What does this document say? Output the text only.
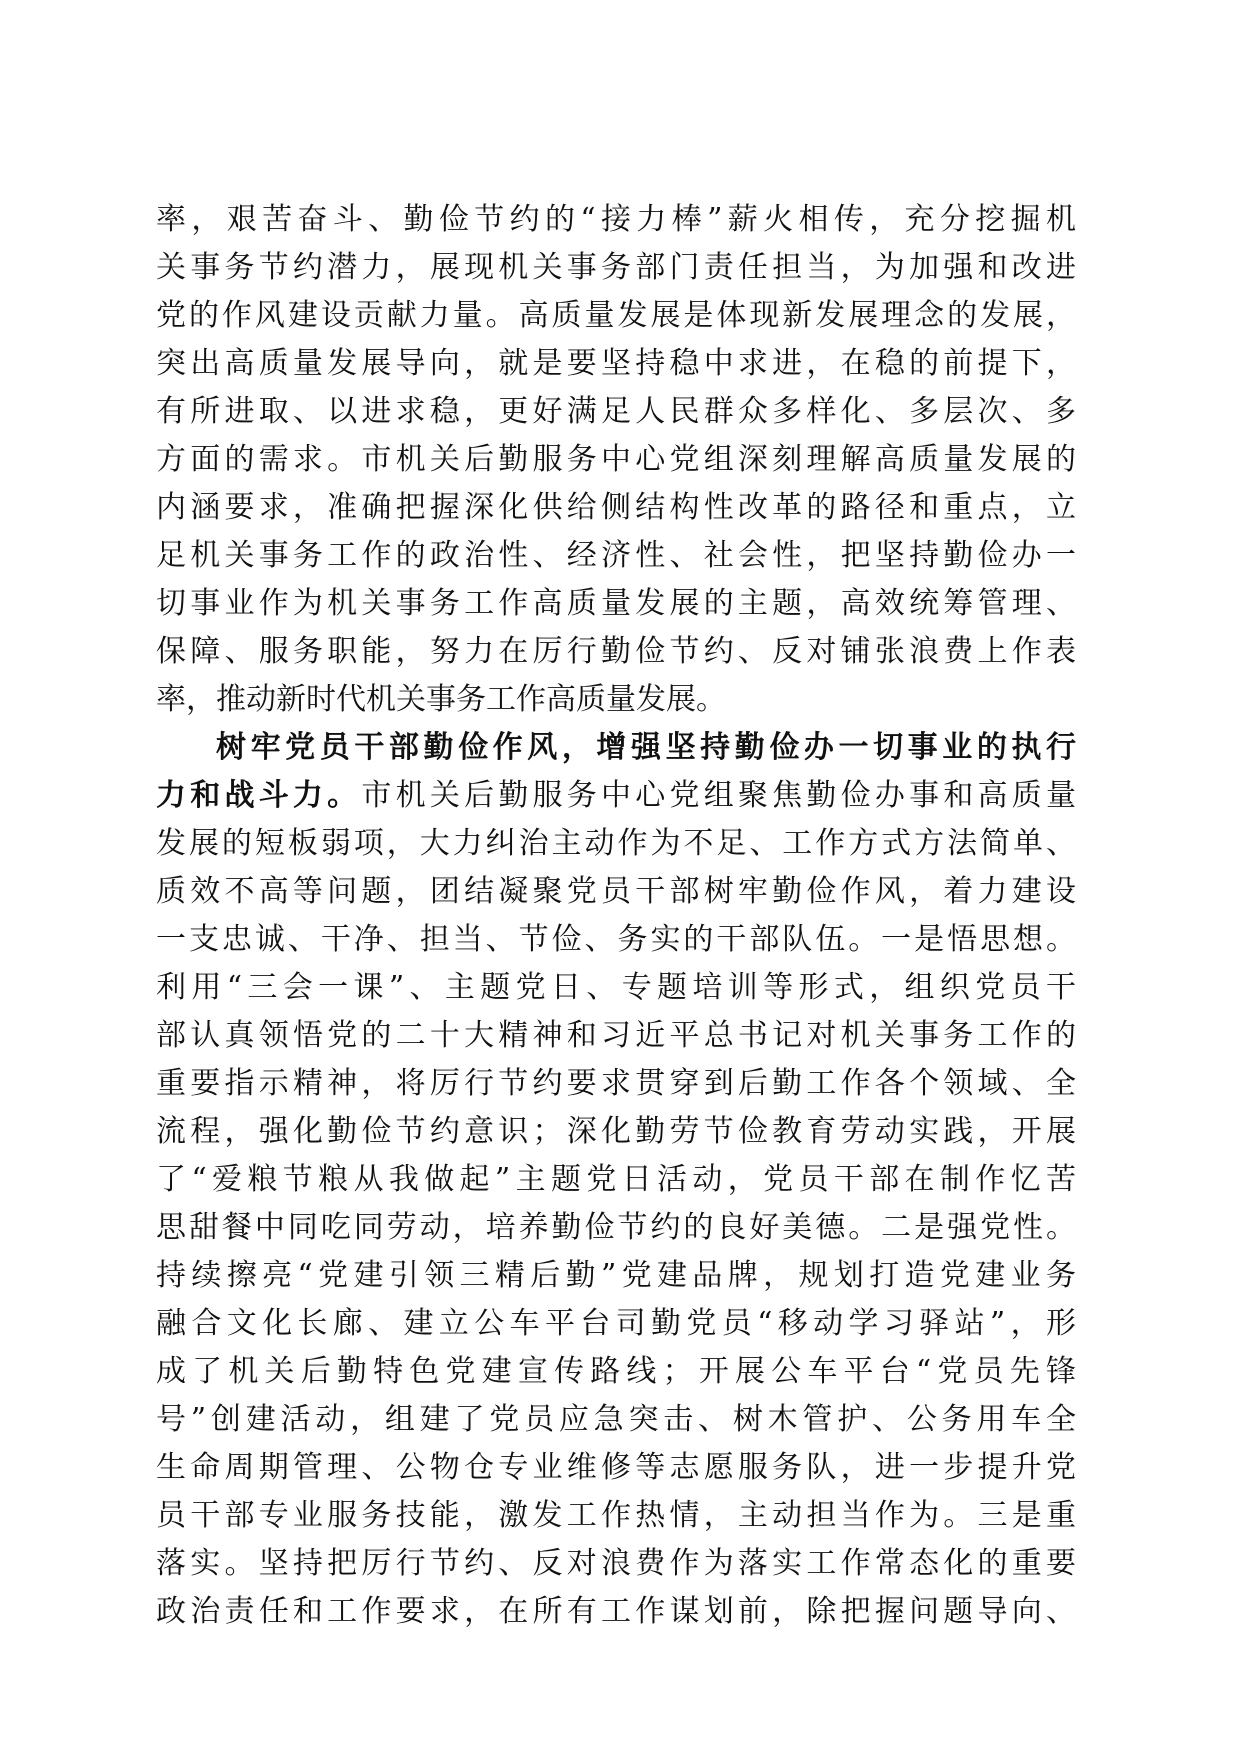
率，艰苦奋斗、勤俭节约的“接力棒”薪火相传，充分挖掘机
关事务节约潜力，展现机关事务部门责任担当，为加强和改进
党的作风建设贡献力量。高质量发展是体现新发展理念的发展，
突出高质量发展导向，就是要坚持稳中求进，在稳的前提下，
有所进取、以进求稳，更好满足人民群众多样化、多层次、多
方面的需求。市机关后勤服务中心党组深刻理解高质量发展的
内涵要求，准确把握深化供给侧结构性改革的路径和重点，立
足机关事务工作的政治性、经济性、社会性，把坚持勤俭办一
切事业作为机关事务工作高质量发展的主题，高效统筹管理、
保障、服务职能，努力在厉行勤俭节约、反对铺张浪费上作表
率，推动新时代机关事务工作高质量发展。
树牢党员干部勤俭作风，增强坚持勤俭办一切事业的执行
力和战斗力。市机关后勤服务中心党组聚焦勤俭办事和高质量
发展的短板弱项，大力纠治主动作为不足、工作方式方法简单、
质效不高等问题，团结凝聚党员干部树牢勤俭作风，着力建设
一支忠诚、干净、担当、节俭、务实的干部队伍。一是悟思想。
利用“三会一课”、主题党日、专题培训等形式，组织党员干
部认真领悟党的二十大精神和习近平总书记对机关事务工作的
重要指示精神，将厉行节约要求贯穿到后勤工作各个领域、全
流程，强化勤俭节约意识；深化勤劳节俭教育劳动实践，开展
了“爱粮节粮从我做起”主题党日活动，党员干部在制作忆苦
思甜餐中同吃同劳动，培养勤俭节约的良好美德。二是强党性。
持续擦亮“党建引领三精后勤”党建品牌，规划打造党建业务
融合文化长廊、建立公车平台司勤党员“移动学习驿站”，形
成了机关后勤特色党建宣传路线；开展公车平台“党员先锋
号”创建活动，组建了党员应急突击、树木管护、公务用车全
生命周期管理、公物仓专业维修等志愿服务队，进一步提升党
员干部专业服务技能，激发工作热情，主动担当作为。三是重
落实。坚持把厉行节约、反对浪费作为落实工作常态化的重要
政治责任和工作要求，在所有工作谋划前，除把握问题导向、
